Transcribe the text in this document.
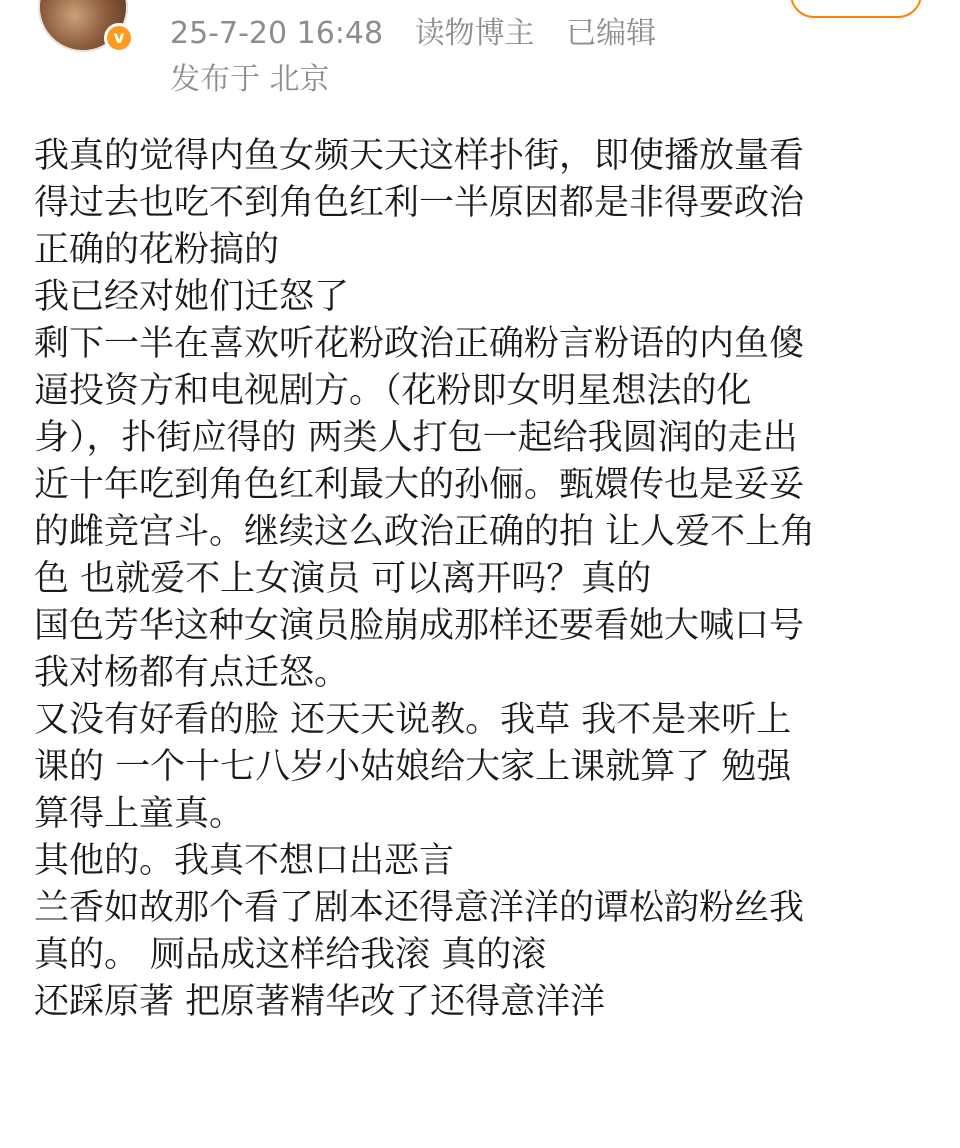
v	25-7-20 16:48 读物博主 已编辑
发布于 北京
我真的觉得内鱼女频天天这样扑街，即使播放量看
得过去也吃不到角色红利一半原因都是非得要政治
正确的花粉搞的
我已经对她们迁怒了
剩下一半在喜欢听花粉政治正确粉言粉语的内鱼傻
逼投资方和电视剧方。（花粉即女明星想法的化
身），扑街应得的 两类人打包一起给我圆润的走出
近十年吃到角色红利最大的孙俪。甄嬛传也是妥妥
的雌竞宫斗。继续这么政治正确的拍 让人爱不上角
色 也就爱不上女演员 可以离开吗？真的
国色芳华这种女演员脸崩成那样还要看她大喊口号
我对杨都有点迁怒。
又没有好看的脸 还天天说教。我草 我不是来听上
课的 一个十七八岁小姑娘给大家上课就算了 勉强
算得上童真。
其他的。我真不想口出恶言
兰香如故那个看了剧本还得意洋洋的谭松韵粉丝我
真的。 厕品成这样给我滚 真的滚
还踩原著 把原著精华改了还得意洋洋
